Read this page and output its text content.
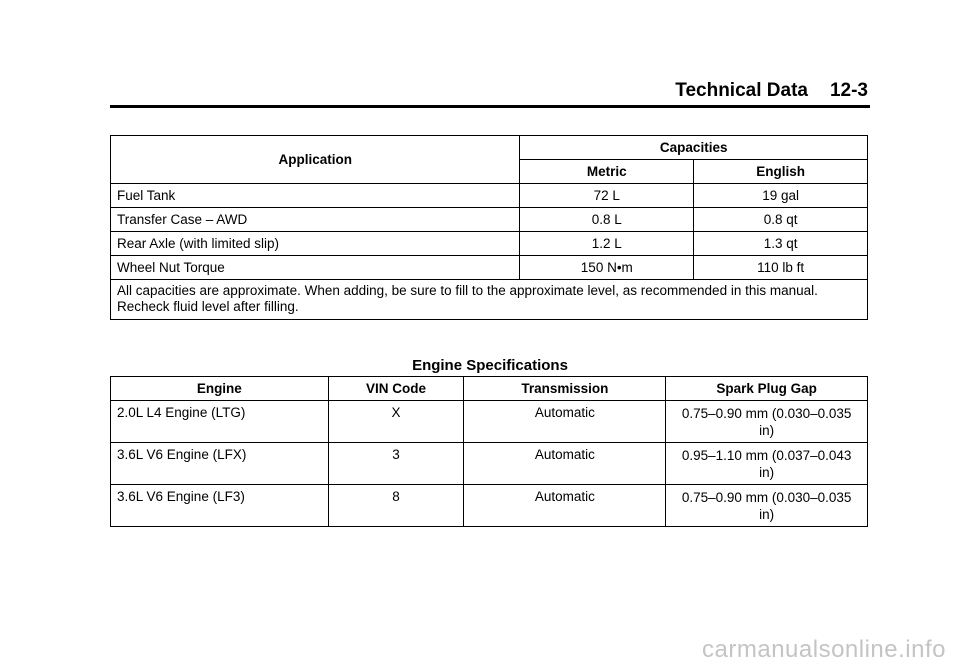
Technical Data 12-3
Application	Capacities	
	Metric	English
Fuel Tank	72 L	19 gal
Transfer Case – AWD	0.8 L	0.8 qt
Rear Axle (with limited slip)	1.2 L	1.3 qt
Wheel Nut Torque	150 N•m	110 lb ft
All capacities are approximate. When adding, be sure to fill to the approximate level, as recommended in this manual. Recheck fluid level after filling.		
Engine Specifications
Engine	VIN Code	Transmission	Spark Plug Gap
2.0L L4 Engine (LTG)	X	Automatic	0.75–0.90 mm (0.030–0.035 in)
3.6L V6 Engine (LFX)	3	Automatic	0.95–1.10 mm (0.037–0.043 in)
3.6L V6 Engine (LF3)	8	Automatic	0.75–0.90 mm (0.030–0.035 in)
carmanualsonline.info
